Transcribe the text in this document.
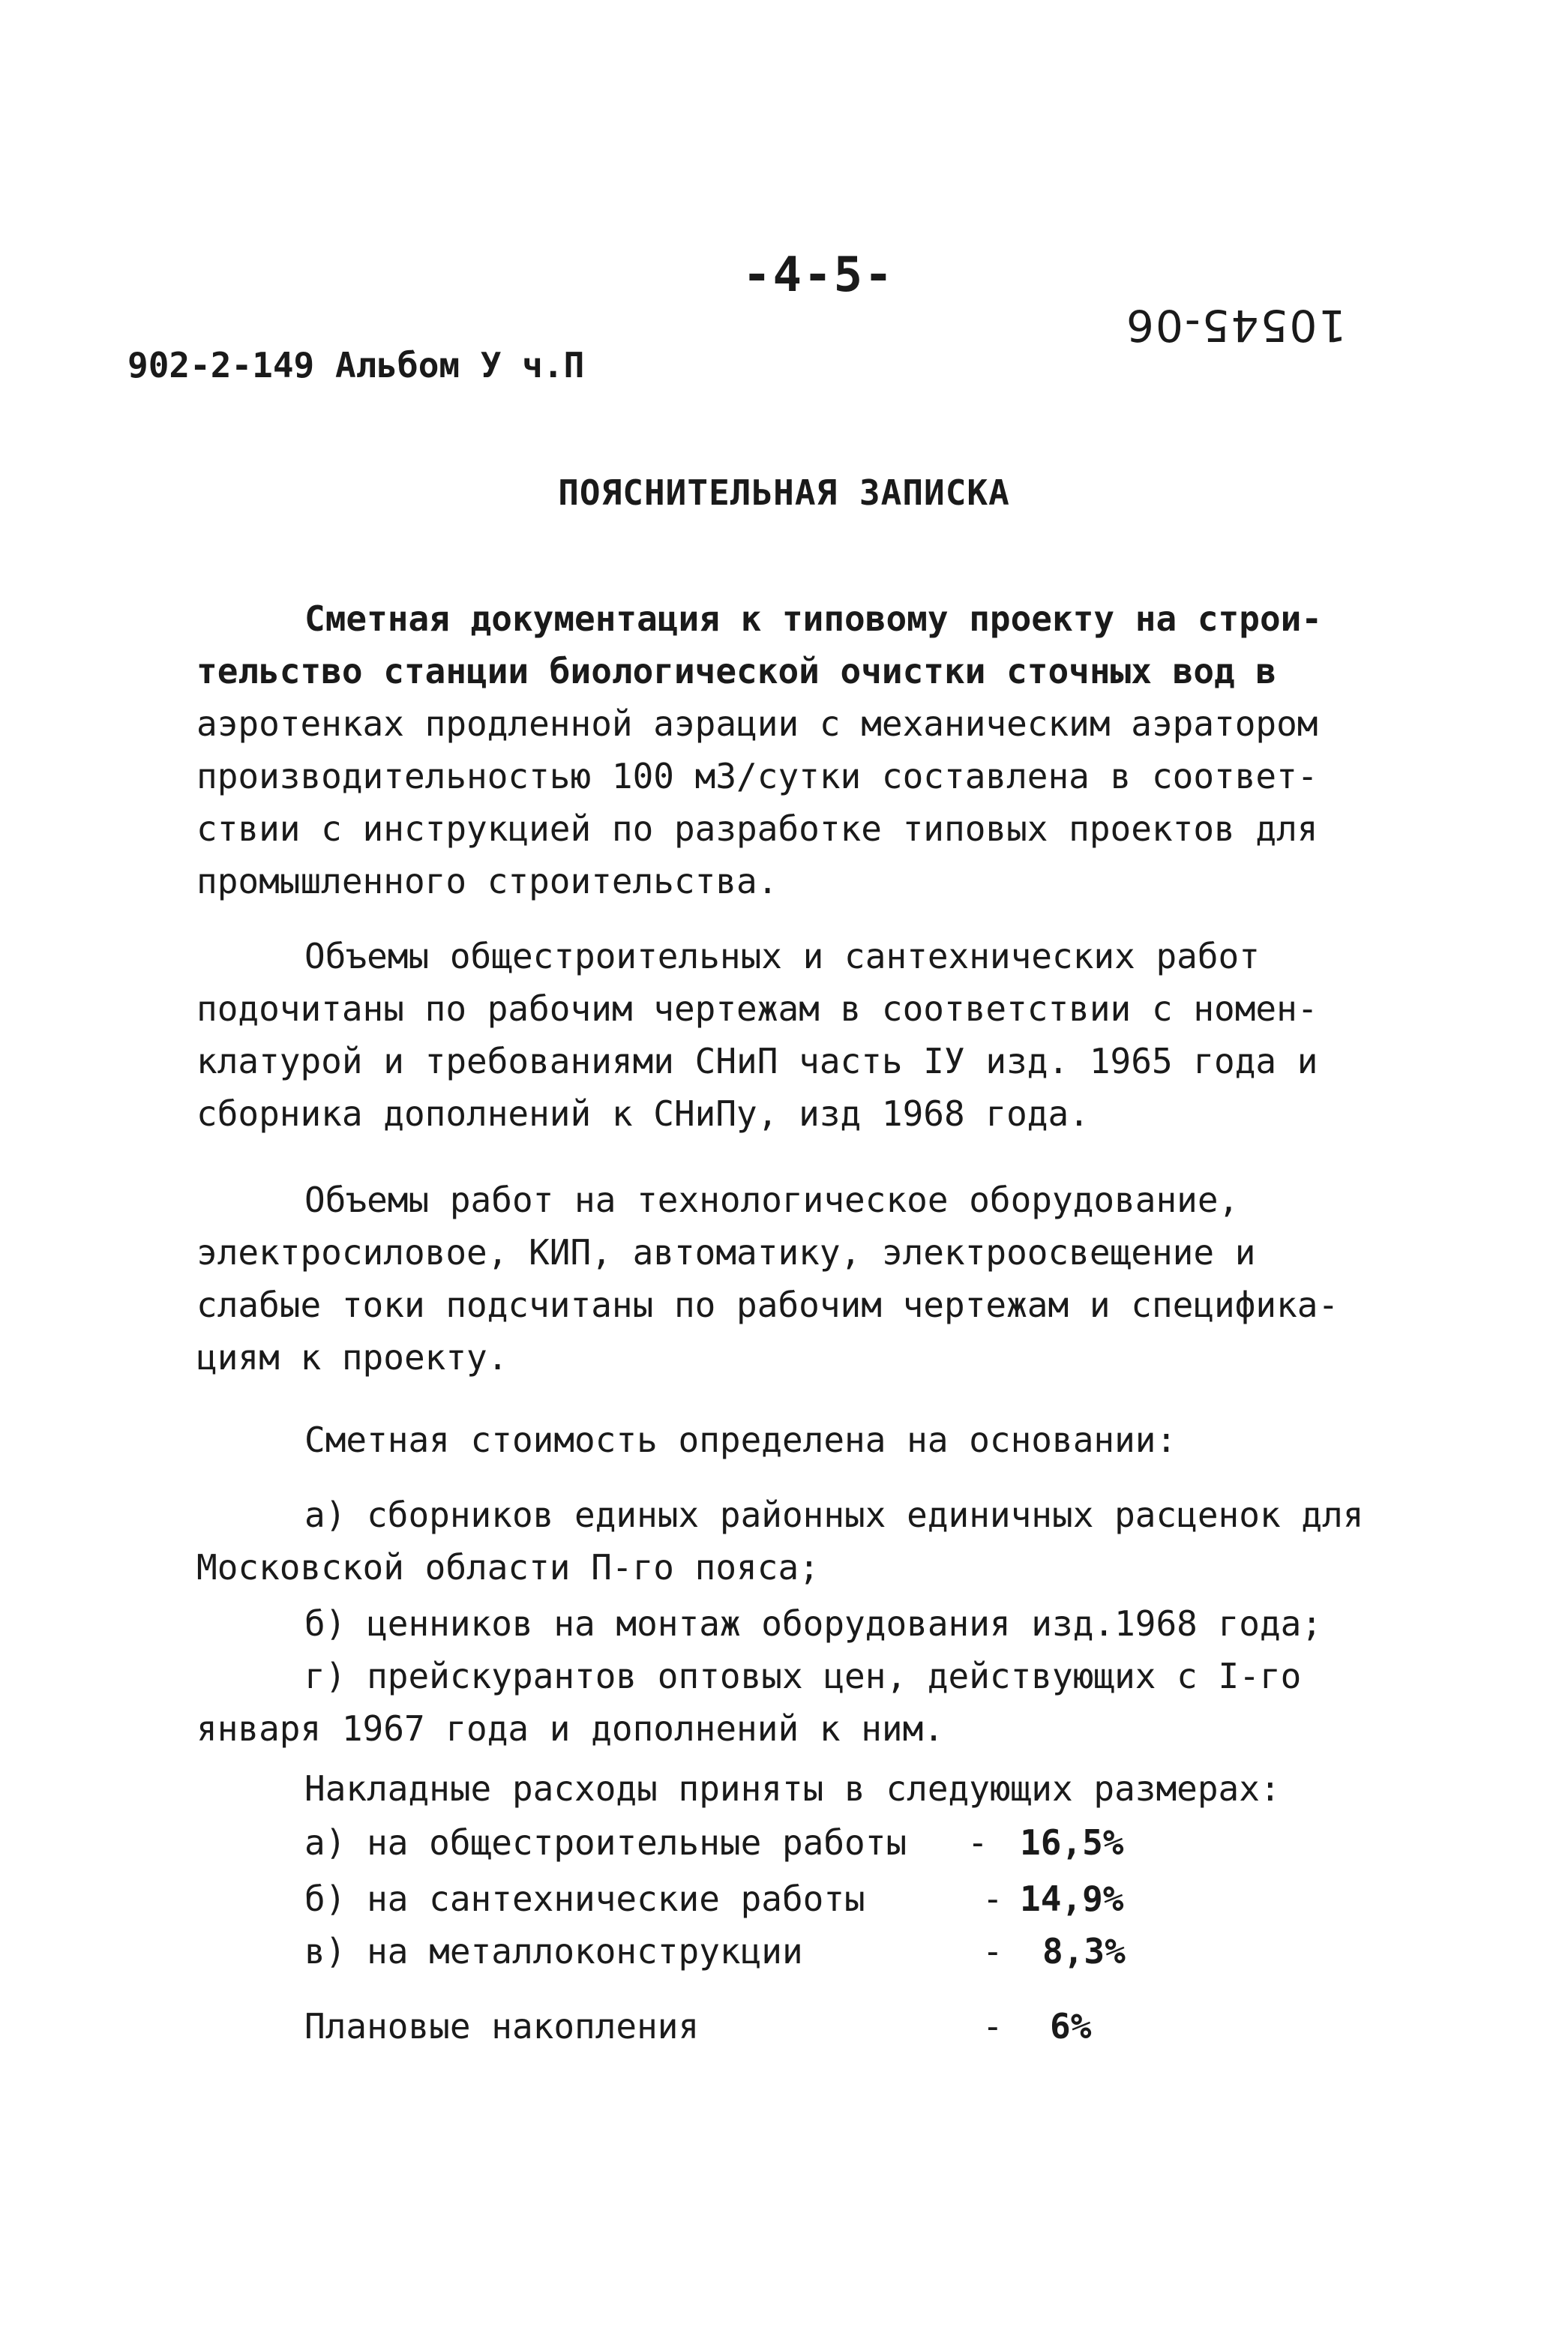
-4-5-
10545-06
902-2-149 Альбом У ч.П
ПОЯСНИТЕЛЬНАЯ ЗАПИСКА
Сметная документация к типовому проекту на строи-
тельство станции биологической очистки сточных вод в
аэротенках продленной аэрации с механическим аэратором
производительностью 100 м3/сутки составлена в соответ-
ствии с инструкцией по разработке типовых проектов для
промышленного строительства.
Объемы общестроительных и сантехнических работ
подочитаны по рабочим чертежам в соответствии с номен-
клатурой и требованиями СНиП часть IУ изд. 1965 года и
сборника дополнений к СНиПу, изд 1968 года.
Объемы работ на технологическое оборудование,
электросиловое, КИП, автоматику, электроосвещение и
слабые токи подсчитаны по рабочим чертежам и специфика-
циям к проекту.
Сметная стоимость определена на основании:
а) сборников единых районных единичных расценок для
Московской области П-го пояса;
б) ценников на монтаж оборудования изд.1968 года;
г) прейскурантов оптовых цен, действующих с I-го
января 1967 года и дополнений к ним.
Накладные расходы приняты в следующих размерах:
а) на общестроительные работы - 16,5%
б) на сантехнические работы	- 14,9%
в) на металлоконструкции	- 8,3%
Плановые накопления	- 6%
